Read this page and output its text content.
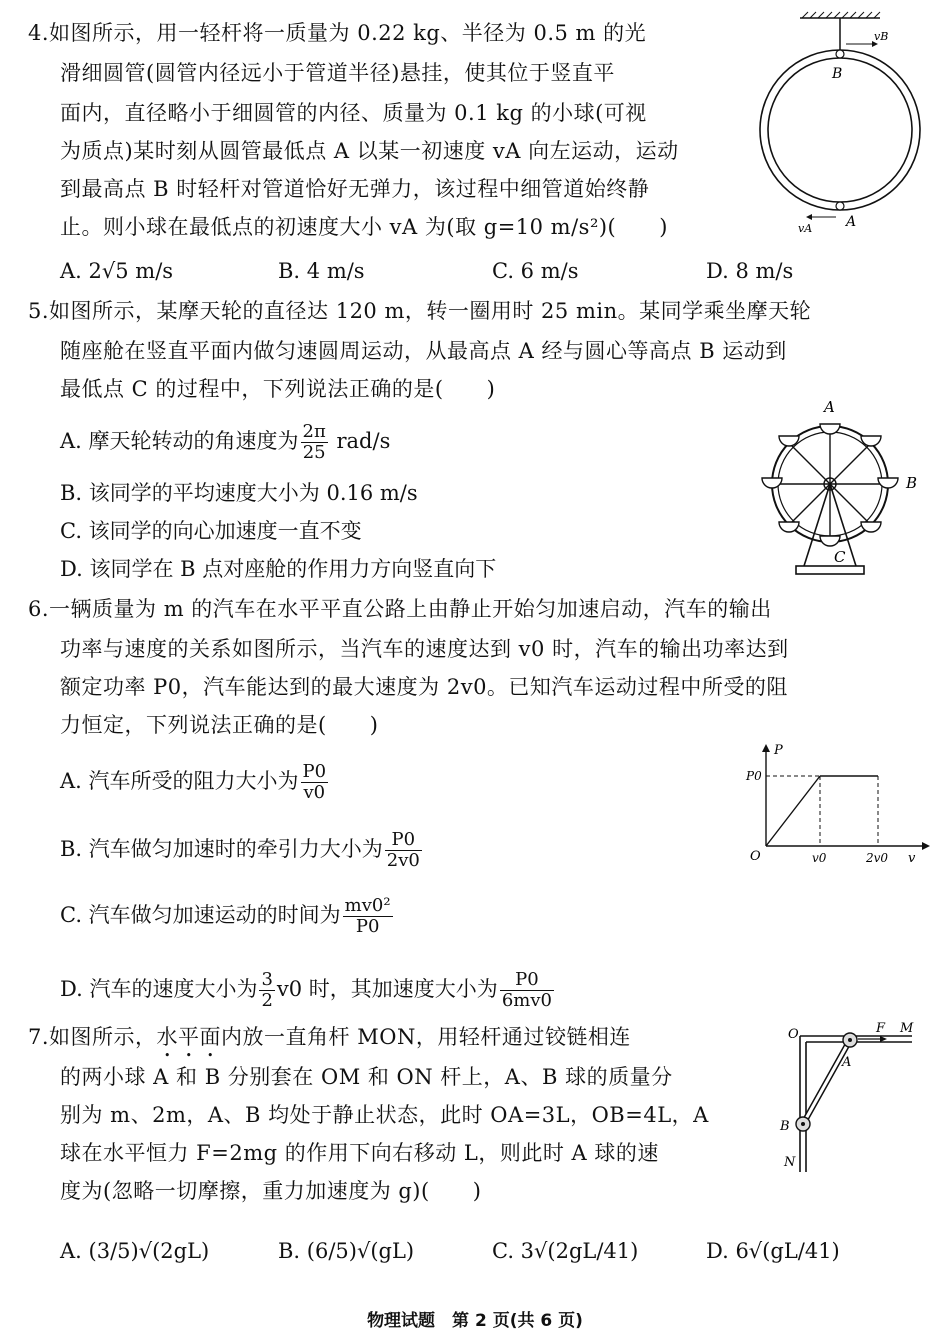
4.如图所示，用一轻杆将一质量为 0.22 kg、半径为 0.5 m 的光
滑细圆管(圆管内径远小于管道半径)悬挂，使其位于竖直平
面内，直径略小于细圆管的内径、质量为 0.1 kg 的小球(可视
为质点)某时刻从圆管最低点 A 以某一初速度 vA 向左运动，运动
到最高点 B 时轻杆对管道恰好无弹力，该过程中细管道始终静
止。则小球在最低点的初速度大小 vA 为(取 g=10 m/s²)(　　)
A. 2√5 m/s	B. 4 m/s	C. 6 m/s	D. 8 m/s
vB
B
A
vA
5.如图所示，某摩天轮的直径达 120 m，转一圈用时 25 min。某同学乘坐摩天轮
随座舱在竖直平面内做匀速圆周运动，从最高点 A 经与圆心等高点 B 运动到
最低点 C 的过程中，下列说法正确的是(　　)
A. 摩天轮转动的角速度为 $\frac{2\pi}{25} rad/s$
B. 该同学的平均速度大小为 0.16 m/s
C. 该同学的向心加速度一直不变
D. 该同学在 B 点对座舱的作用力方向竖直向下
A
B
C
6.一辆质量为 m 的汽车在水平平直公路上由静止开始匀加速启动，汽车的输出
功率与速度的关系如图所示，当汽车的速度达到 v0 时，汽车的输出功率达到
额定功率 P0，汽车能达到的最大速度为 2v0。已知汽车运动过程中所受的阻
力恒定，下列说法正确的是(　　)
A. 汽车所受的阻力大小为 $\frac{P0}{v0}$
B. 汽车做匀加速时的牵引力大小为 $\frac{P0}{2v0}$
C. 汽车做匀加速运动的时间为 $\frac{\text{mv0²}}{P0}$
D. 汽车的速度大小为 $\frac{3}{2} v0$ 时，其加速度大小为 $\frac{P0}{6mv0}$
P
P0
O	v0	2v0 v
7.如图所示，水平面内放一直角杆 MON，用轻杆通过铰链相连
的两小球 A 和 B 分别套在 OM 和 ON 杆上，A、B 球的质量分
别为 m、2m，A、B 均处于静止状态，此时 OA=3L，OB=4L，A
球在水平恒力 F=2mg 的作用下向右移动 L，则此时 A 球的速
度为(忽略一切摩擦，重力加速度为 g)(　　)
A. (3/5)√(2gL)	B. (6/5)√(gL)	C. 3√(2gL/41)	D. 6√(gL/41)
O	F M
A
B
N
物理试题　第 2 页(共 6 页)
